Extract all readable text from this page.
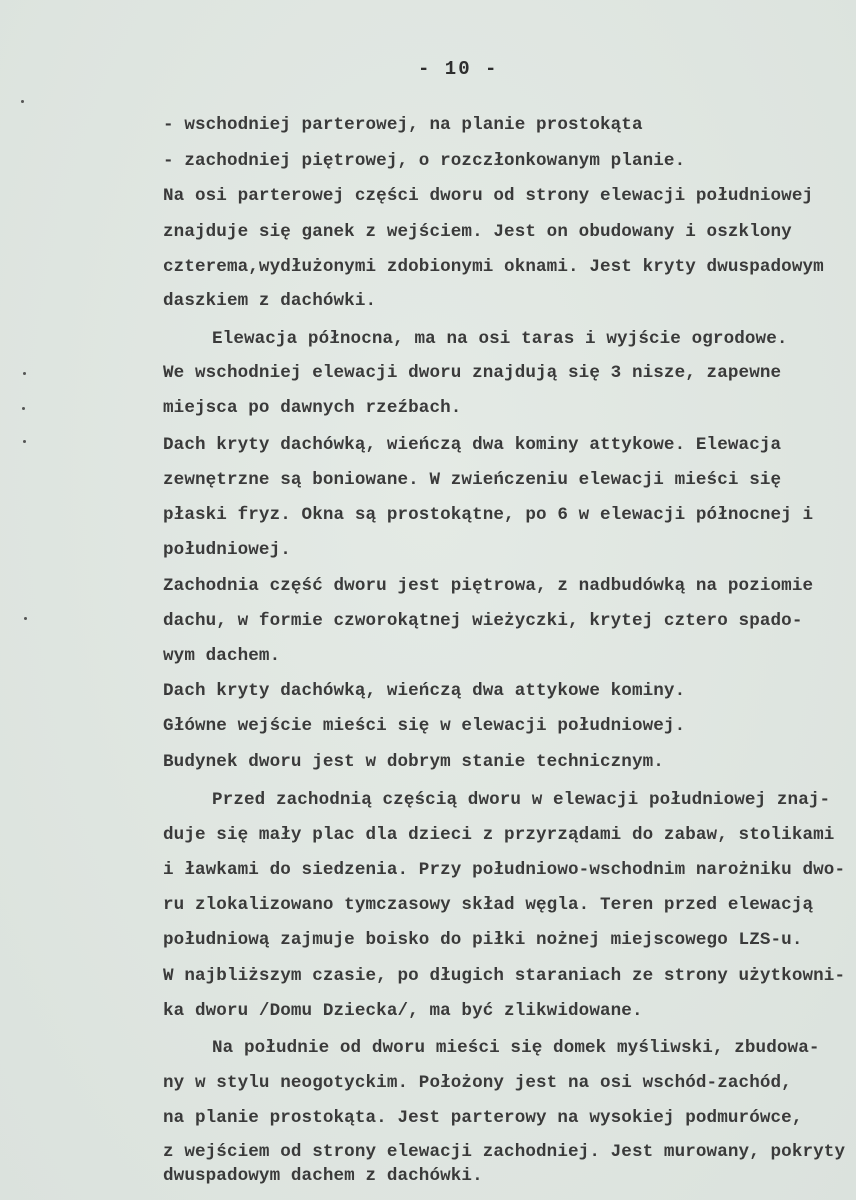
- 10 -
- wschodniej parterowej, na planie prostokąta
- zachodniej piętrowej, o rozczłonkowanym planie.
Na osi parterowej części dworu od strony elewacji południowej
znajduje się ganek z wejściem. Jest on obudowany i oszklony
czterema,wydłużonymi zdobionymi oknami. Jest kryty dwuspadowym
daszkiem z dachówki.
Elewacja północna, ma na osi taras i wyjście ogrodowe.
We wschodniej elewacji dworu znajdują się 3 nisze, zapewne
miejsca po dawnych rzeźbach.
Dach kryty dachówką, wieńczą dwa kominy attykowe. Elewacja
zewnętrzne są boniowane. W zwieńczeniu elewacji mieści się
płaski fryz. Okna są prostokątne, po 6 w elewacji północnej i
południowej.
Zachodnia część dworu jest piętrowa, z nadbudówką na poziomie
dachu, w formie czworokątnej wieżyczki, krytej cztero spado-
wym dachem.
Dach kryty dachówką, wieńczą dwa attykowe kominy.
Główne wejście mieści się w elewacji południowej.
Budynek dworu jest w dobrym stanie technicznym.
Przed zachodnią częścią dworu w elewacji południowej znaj-
duje się mały plac dla dzieci z przyrządami do zabaw, stolikami
i ławkami do siedzenia. Przy południowo-wschodnim narożniku dwo-
ru zlokalizowano tymczasowy skład węgla. Teren przed elewacją
południową zajmuje boisko do piłki nożnej miejscowego LZS-u.
W najbliższym czasie, po długich staraniach ze strony użytkowni-
ka dworu /Domu Dziecka/, ma być zlikwidowane.
Na południe od dworu mieści się domek myśliwski, zbudowa-
ny w stylu neogotyckim. Położony jest na osi wschód-zachód,
na planie prostokąta. Jest parterowy na wysokiej podmurówce,
z wejściem od strony elewacji zachodniej. Jest murowany, pokryty
dwuspadowym dachem z dachówki.
